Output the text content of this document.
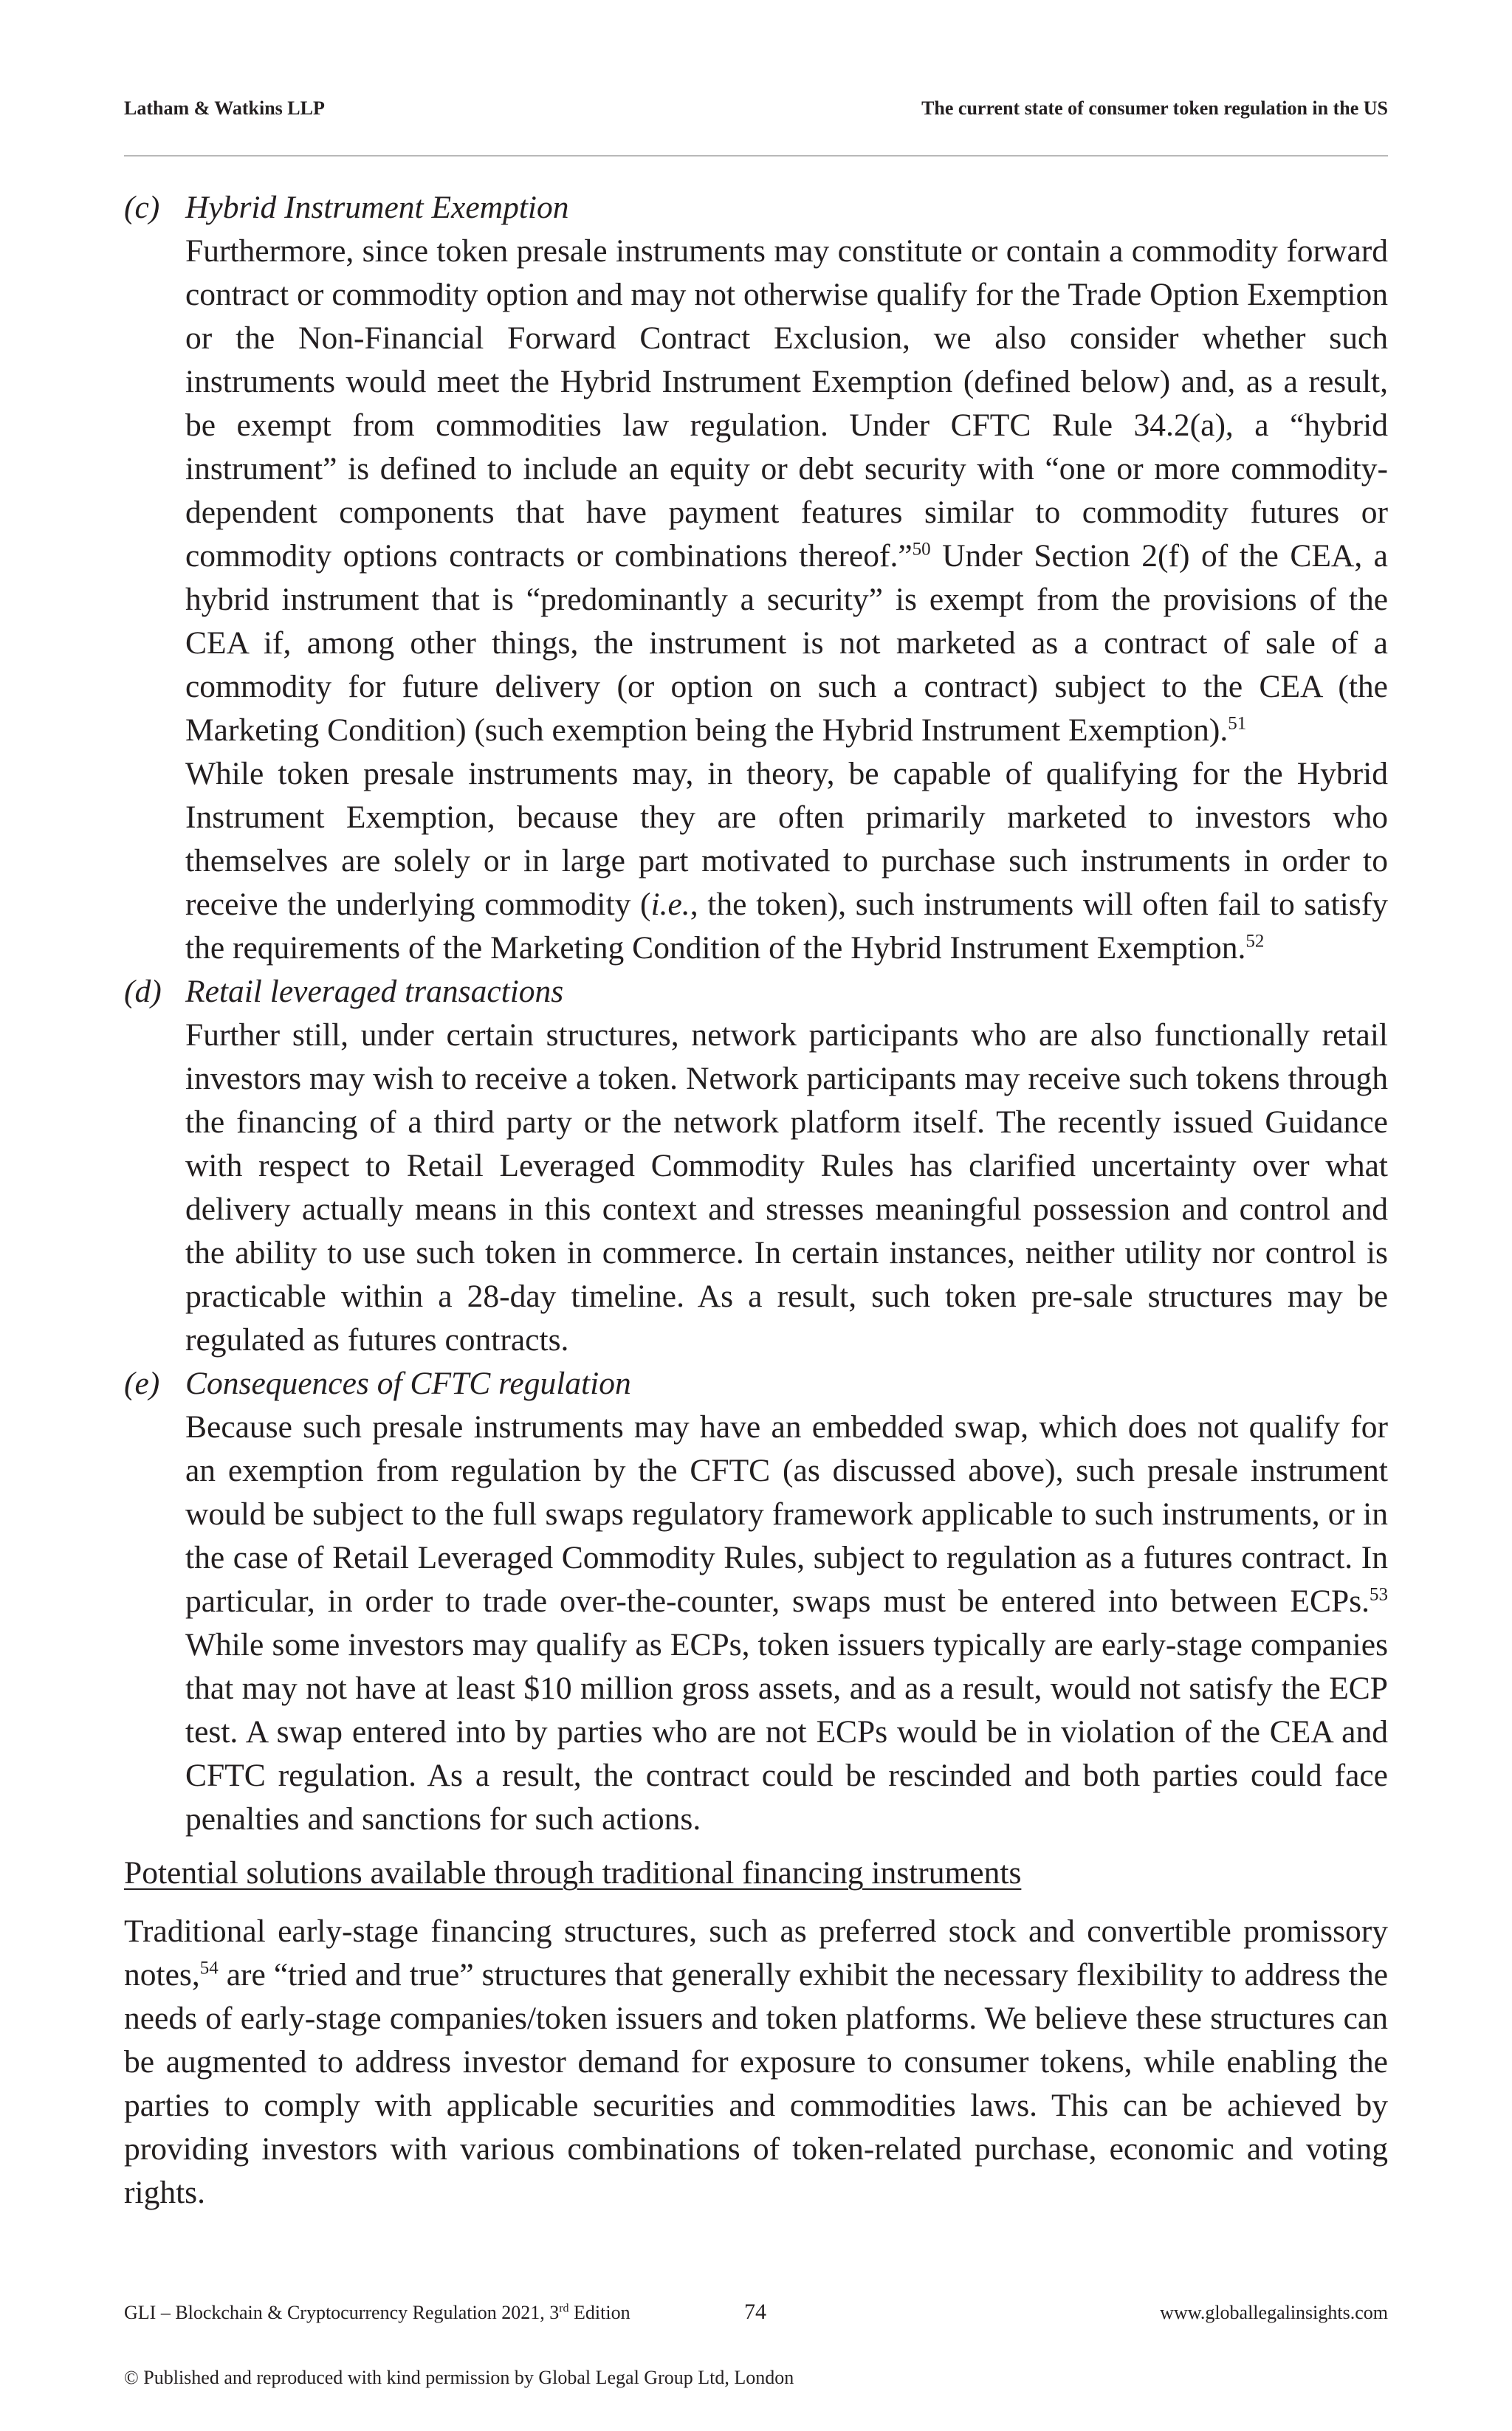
Latham & Watkins LLP	The current state of consumer token regulation in the US
(c) Hybrid Instrument Exemption
Furthermore, since token presale instruments may constitute or contain a commodity forward contract or commodity option and may not otherwise qualify for the Trade Option Exemption or the Non-Financial Forward Contract Exclusion, we also consider whether such instruments would meet the Hybrid Instrument Exemption (defined below) and, as a result, be exempt from commodities law regulation. Under CFTC Rule 34.2(a), a “hybrid instrument” is defined to include an equity or debt security with “one or more commodity-dependent components that have payment features similar to commodity futures or commodity options contracts or combinations thereof.”$^{50}$ Under Section 2(f) of the CEA, a hybrid instrument that is “predominantly a security” is exempt from the provisions of the CEA if, among other things, the instrument is not marketed as a contract of sale of a commodity for future delivery (or option on such a contract) subject to the CEA (the Marketing Condition) (such exemption being the Hybrid Instrument Exemption).$^{51}$
While token presale instruments may, in theory, be capable of qualifying for the Hybrid Instrument Exemption, because they are often primarily marketed to investors who themselves are solely or in large part motivated to purchase such instruments in order to receive the underlying commodity (i.e., the token), such instruments will often fail to satisfy the requirements of the Marketing Condition of the Hybrid Instrument Exemption.$^{52}$
(d) Retail leveraged transactions
Further still, under certain structures, network participants who are also functionally retail investors may wish to receive a token. Network participants may receive such tokens through the financing of a third party or the network platform itself. The recently issued Guidance with respect to Retail Leveraged Commodity Rules has clarified uncertainty over what delivery actually means in this context and stresses meaningful possession and control and the ability to use such token in commerce. In certain instances, neither utility nor control is practicable within a 28-day timeline. As a result, such token pre-sale structures may be regulated as futures contracts.
(e) Consequences of CFTC regulation
Because such presale instruments may have an embedded swap, which does not qualify for an exemption from regulation by the CFTC (as discussed above), such presale instrument would be subject to the full swaps regulatory framework applicable to such instruments, or in the case of Retail Leveraged Commodity Rules, subject to regulation as a futures contract. In particular, in order to trade over-the-counter, swaps must be entered into between ECPs.$^{53}$ While some investors may qualify as ECPs, token issuers typically are early-stage companies that may not have at least $10 million gross assets, and as a result, would not satisfy the ECP test. A swap entered into by parties who are not ECPs would be in violation of the CEA and CFTC regulation. As a result, the contract could be rescinded and both parties could face penalties and sanctions for such actions.
Potential solutions available through traditional financing instruments
Traditional early-stage financing structures, such as preferred stock and convertible promissory notes,$^{54}$ are “tried and true” structures that generally exhibit the necessary flexibility to address the needs of early-stage companies/token issuers and token platforms. We believe these structures can be augmented to address investor demand for exposure to consumer tokens, while enabling the parties to comply with applicable securities and commodities laws. This can be achieved by providing investors with various combinations of token-related purchase, economic and voting rights.
GLI – Blockchain & Cryptocurrency Regulation 2021, 3rd Edition	74	www.globallegalinsights.com
© Published and reproduced with kind permission by Global Legal Group Ltd, London
